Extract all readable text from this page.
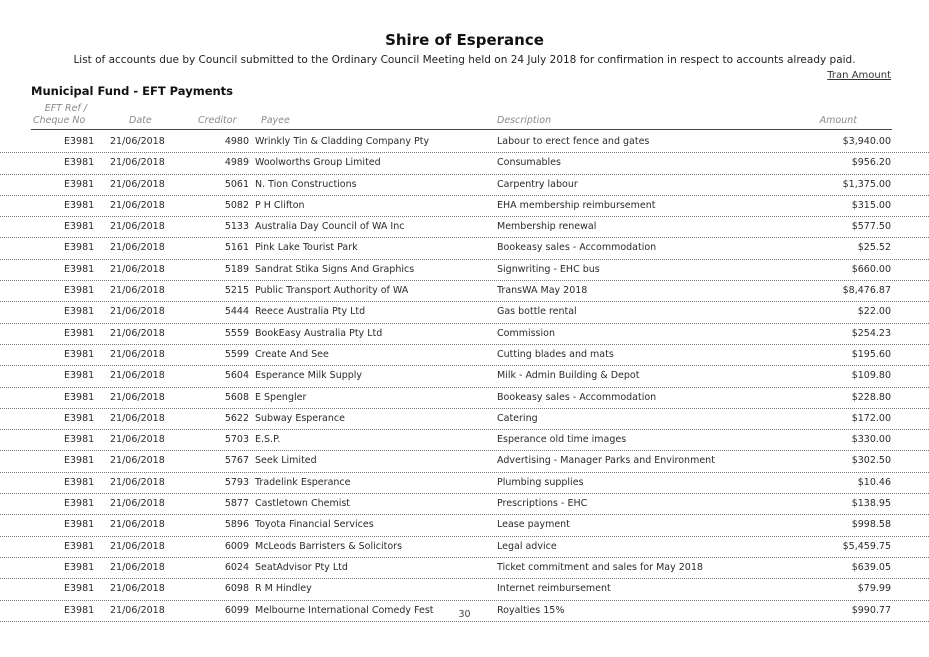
Shire of Esperance
List of accounts due by Council submitted to the Ordinary Council Meeting held on 24 July 2018 for confirmation in respect to accounts already paid.
Tran Amount
Municipal Fund - EFT Payments
EFT Ref /
Cheque No	Date	Creditor	Payee	Description	Amount
E3981 21/06/2018	4980 Wrinkly Tin & Cladding Company Pty	Labour to erect fence and gates	$3,940.00
E3981 21/06/2018	4989 Woolworths Group Limited	Consumables	$956.20
E3981 21/06/2018	5061 N. Tion Constructions	Carpentry labour	$1,375.00
E3981 21/06/2018	5082 P H Clifton	EHA membership reimbursement	$315.00
E3981 21/06/2018	5133 Australia Day Council of WA Inc	Membership renewal	$577.50
E3981 21/06/2018	5161 Pink Lake Tourist Park	Bookeasy sales - Accommodation	$25.52
E3981 21/06/2018	5189 Sandrat Stika Signs And Graphics	Signwriting - EHC bus	$660.00
E3981 21/06/2018	5215 Public Transport Authority of WA	TransWA May 2018	$8,476.87
E3981 21/06/2018	5444 Reece Australia Pty Ltd	Gas bottle rental	$22.00
E3981 21/06/2018	5559 BookEasy Australia Pty Ltd	Commission	$254.23
E3981 21/06/2018	5599 Create And See	Cutting blades and mats	$195.60
E3981 21/06/2018	5604 Esperance Milk Supply	Milk - Admin Building & Depot	$109.80
E3981 21/06/2018	5608 E Spengler	Bookeasy sales - Accommodation	$228.80
E3981 21/06/2018	5622 Subway Esperance	Catering	$172.00
E3981 21/06/2018	5703 E.S.P.	Esperance old time images	$330.00
E3981 21/06/2018	5767 Seek Limited	Advertising - Manager Parks and Environment	$302.50
E3981 21/06/2018	5793 Tradelink Esperance	Plumbing supplies	$10.46
E3981 21/06/2018	5877 Castletown Chemist	Prescriptions - EHC	$138.95
E3981 21/06/2018	5896 Toyota Financial Services	Lease payment	$998.58
E3981 21/06/2018	6009 McLeods Barristers & Solicitors	Legal advice	$5,459.75
E3981 21/06/2018	6024 SeatAdvisor Pty Ltd	Ticket commitment and sales for May 2018	$639.05
E3981 21/06/2018	6098 R M Hindley	Internet reimbursement	$79.99
E3981 21/06/2018	6099 Melbourne International Comedy Fest	Royalties 15%	$990.77
30
